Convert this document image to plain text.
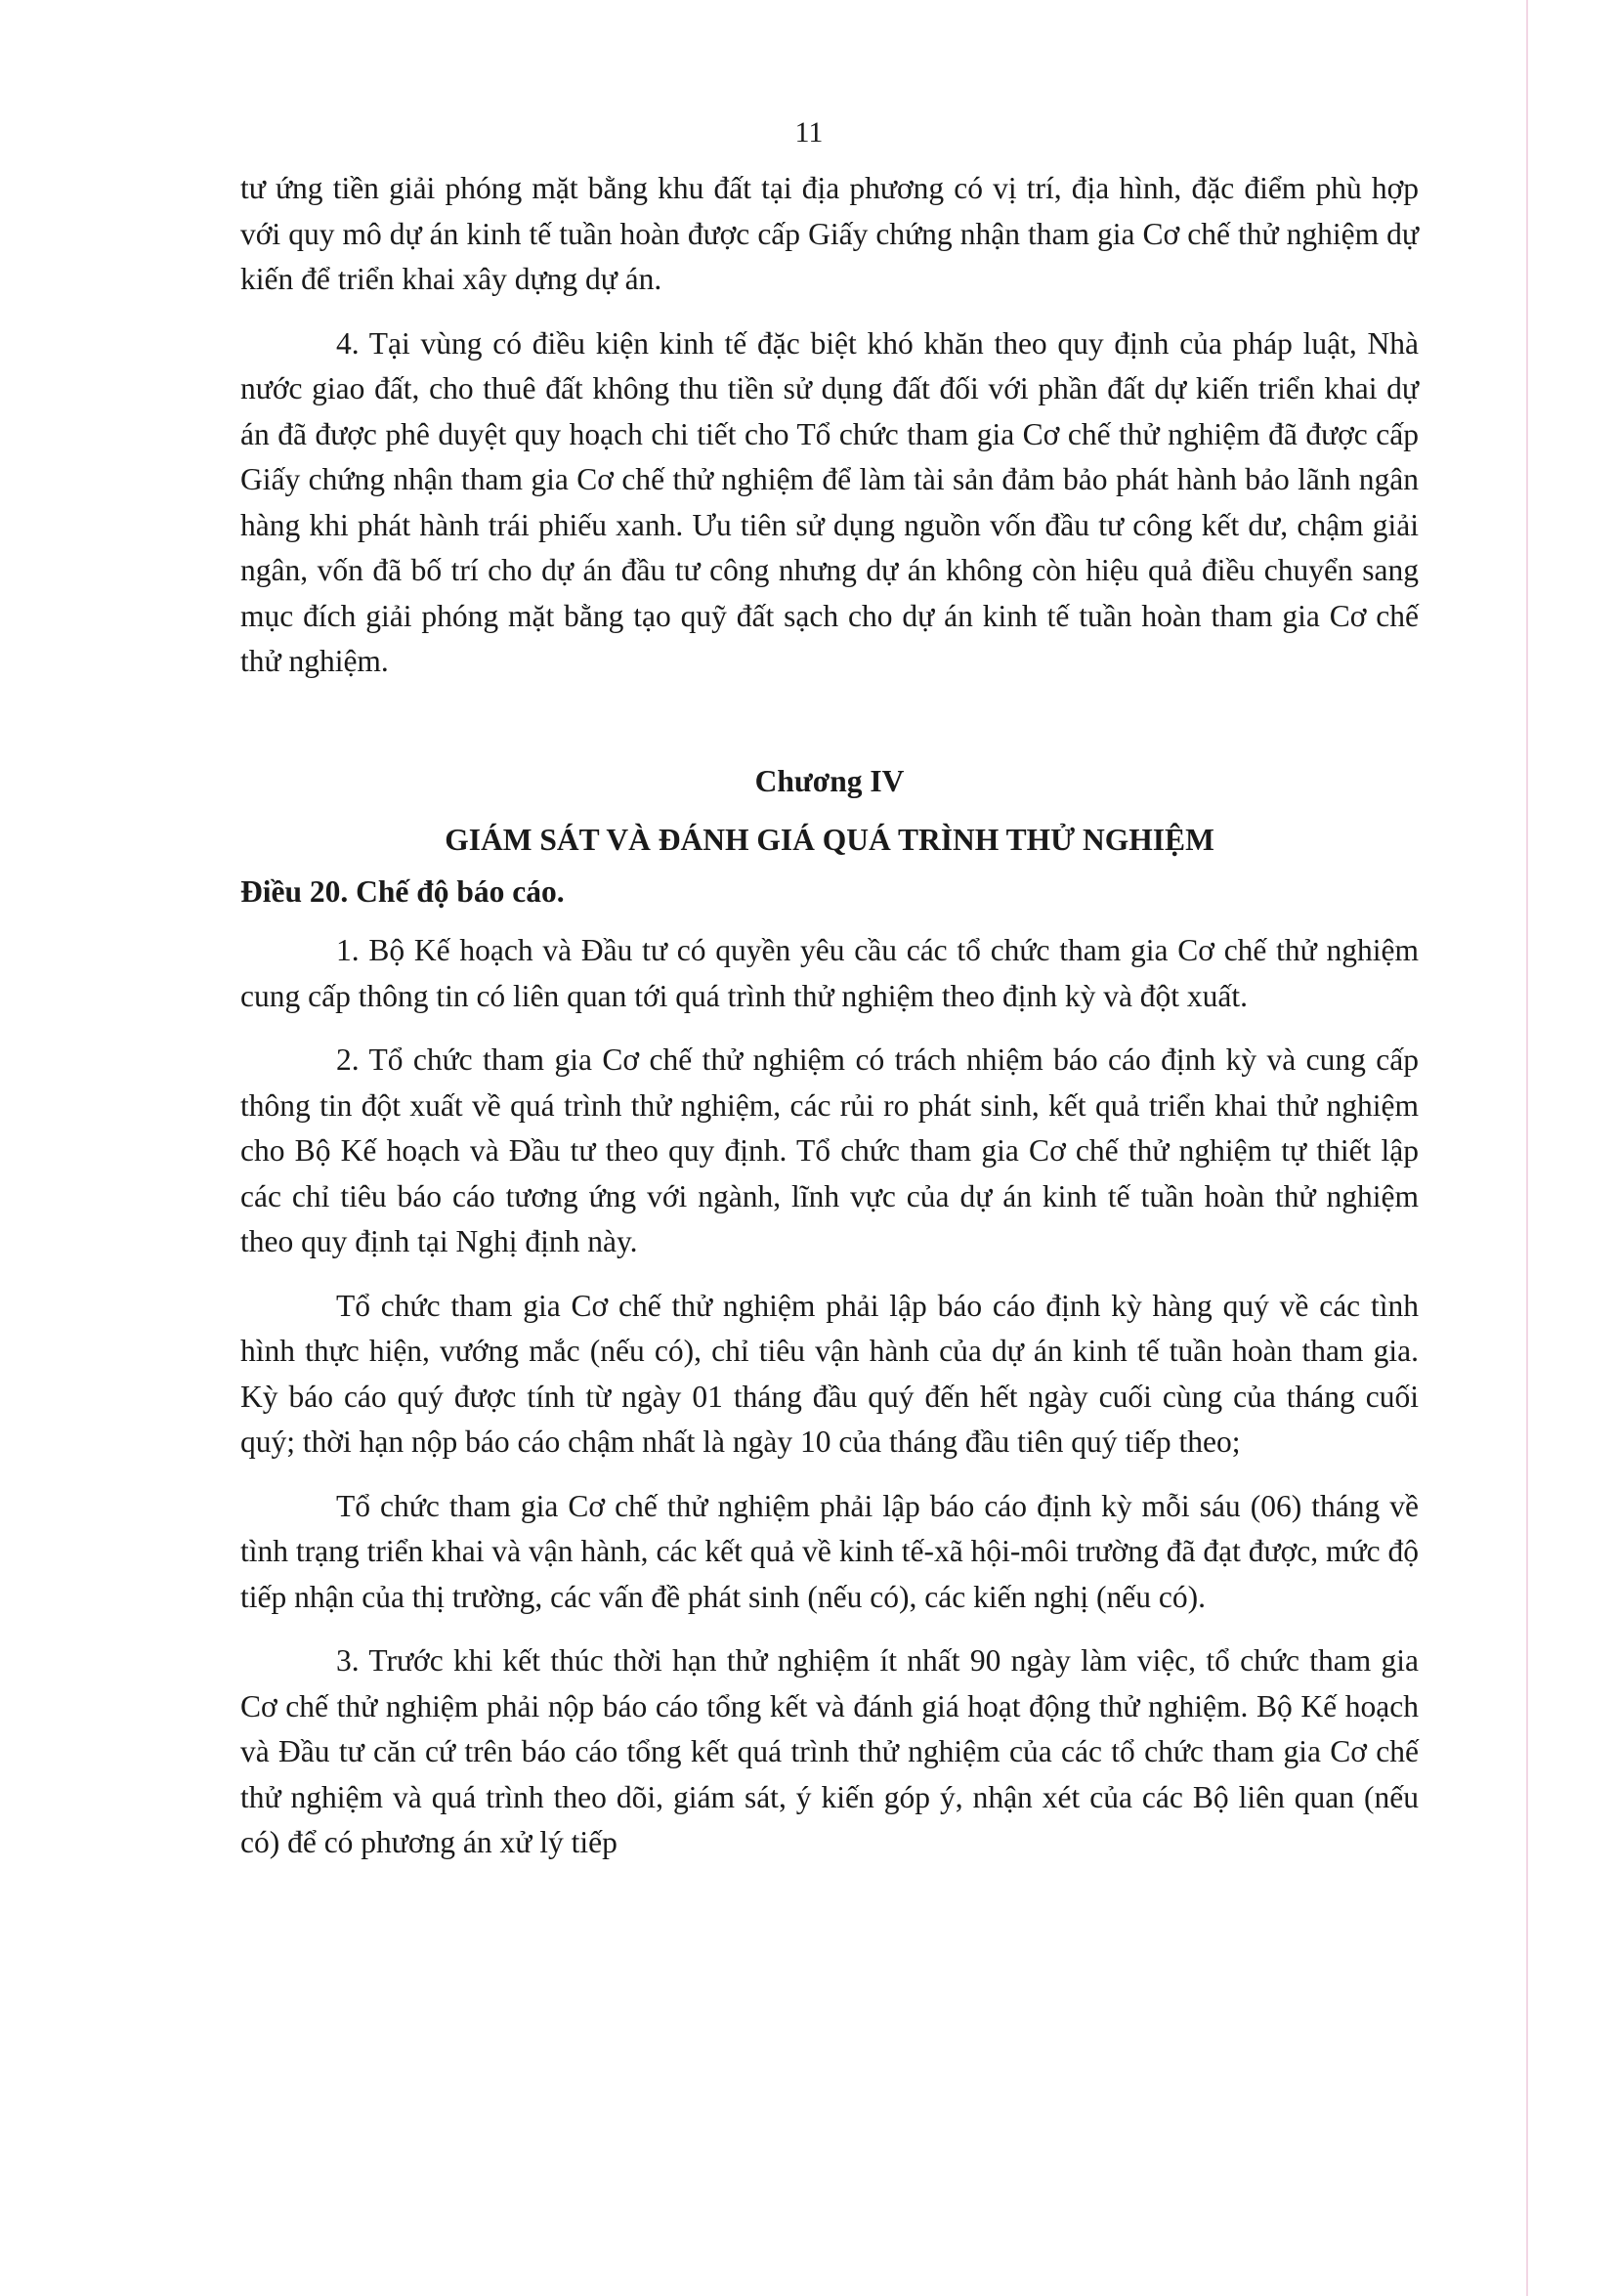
11

tư ứng tiền giải phóng mặt bằng khu đất tại địa phương có vị trí, địa hình, đặc điểm phù hợp với quy mô dự án kinh tế tuần hoàn được cấp Giấy chứng nhận tham gia Cơ chế thử nghiệm dự kiến để triển khai xây dựng dự án.

4. Tại vùng có điều kiện kinh tế đặc biệt khó khăn theo quy định của pháp luật, Nhà nước giao đất, cho thuê đất không thu tiền sử dụng đất đối với phần đất dự kiến triển khai dự án đã được phê duyệt quy hoạch chi tiết cho Tổ chức tham gia Cơ chế thử nghiệm đã được cấp Giấy chứng nhận tham gia Cơ chế thử nghiệm để làm tài sản đảm bảo phát hành bảo lãnh ngân hàng khi phát hành trái phiếu xanh. Ưu tiên sử dụng nguồn vốn đầu tư công kết dư, chậm giải ngân, vốn đã bố trí cho dự án đầu tư công nhưng dự án không còn hiệu quả điều chuyển sang mục đích giải phóng mặt bằng tạo quỹ đất sạch cho dự án kinh tế tuần hoàn tham gia Cơ chế thử nghiệm.

Chương IV

GIÁM SÁT VÀ ĐÁNH GIÁ QUÁ TRÌNH THỬ NGHIỆM

Điều 20. Chế độ báo cáo.

1. Bộ Kế hoạch và Đầu tư có quyền yêu cầu các tổ chức tham gia Cơ chế thử nghiệm cung cấp thông tin có liên quan tới quá trình thử nghiệm theo định kỳ và đột xuất.

2. Tổ chức tham gia Cơ chế thử nghiệm có trách nhiệm báo cáo định kỳ và cung cấp thông tin đột xuất về quá trình thử nghiệm, các rủi ro phát sinh, kết quả triển khai thử nghiệm cho Bộ Kế hoạch và Đầu tư theo quy định. Tổ chức tham gia Cơ chế thử nghiệm tự thiết lập các chỉ tiêu báo cáo tương ứng với ngành, lĩnh vực của dự án kinh tế tuần hoàn thử nghiệm theo quy định tại Nghị định này.

Tổ chức tham gia Cơ chế thử nghiệm phải lập báo cáo định kỳ hàng quý về các tình hình thực hiện, vướng mắc (nếu có), chỉ tiêu vận hành của dự án kinh tế tuần hoàn tham gia. Kỳ báo cáo quý được tính từ ngày 01 tháng đầu quý đến hết ngày cuối cùng của tháng cuối quý; thời hạn nộp báo cáo chậm nhất là ngày 10 của tháng đầu tiên quý tiếp theo;

Tổ chức tham gia Cơ chế thử nghiệm phải lập báo cáo định kỳ mỗi sáu (06) tháng về tình trạng triển khai và vận hành, các kết quả về kinh tế-xã hội-môi trường đã đạt được, mức độ tiếp nhận của thị trường, các vấn đề phát sinh (nếu có), các kiến nghị (nếu có).

3. Trước khi kết thúc thời hạn thử nghiệm ít nhất 90 ngày làm việc, tổ chức tham gia Cơ chế thử nghiệm phải nộp báo cáo tổng kết và đánh giá hoạt động thử nghiệm. Bộ Kế hoạch và Đầu tư căn cứ trên báo cáo tổng kết quá trình thử nghiệm của các tổ chức tham gia Cơ chế thử nghiệm và quá trình theo dõi, giám sát, ý kiến góp ý, nhận xét của các Bộ liên quan (nếu có) để có phương án xử lý tiếp
